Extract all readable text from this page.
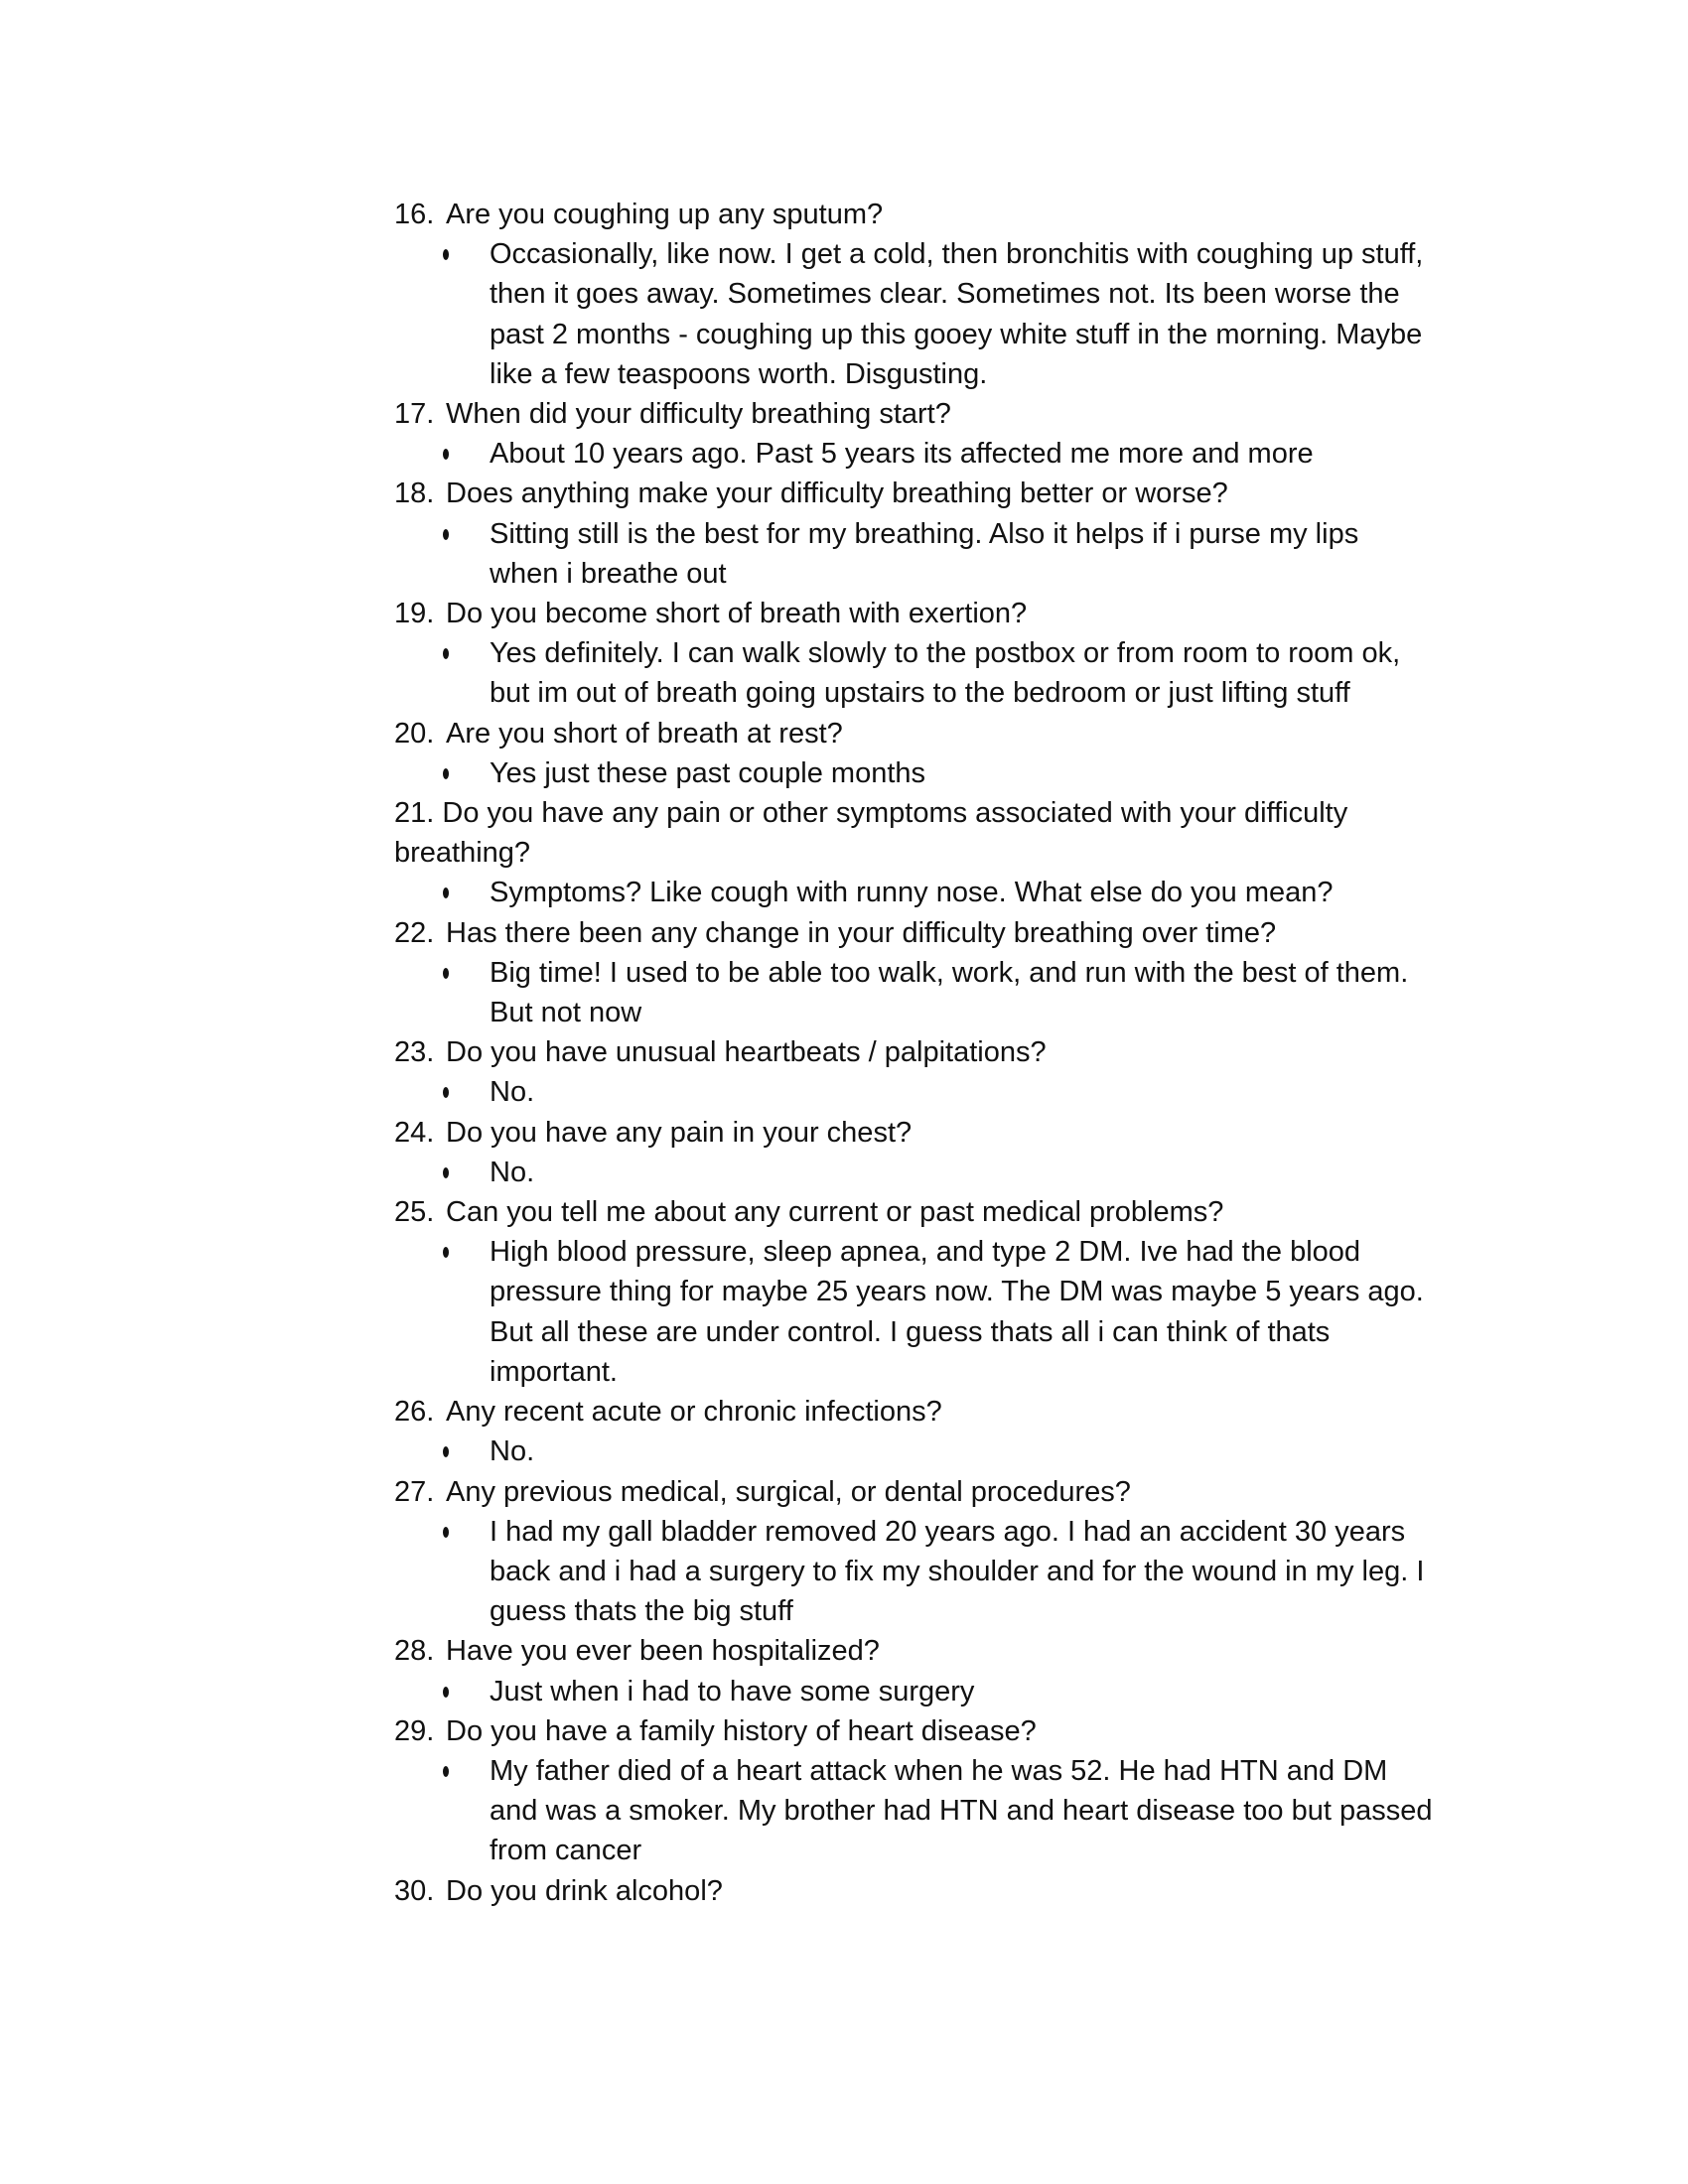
16. Are you coughing up any sputum?
Occasionally, like now. I get a cold, then bronchitis with coughing up stuff,
then it goes away. Sometimes clear. Sometimes not. Its been worse the
past 2 months - coughing up this gooey white stuff in the morning. Maybe
like a few teaspoons worth. Disgusting.
17. When did your difficulty breathing start?
About 10 years ago. Past 5 years its affected me more and more
18. Does anything make your difficulty breathing better or worse?
Sitting still is the best for my breathing. Also it helps if i purse my lips
when i breathe out
19. Do you become short of breath with exertion?
Yes definitely. I can walk slowly to the postbox or from room to room ok,
but im out of breath going upstairs to the bedroom or just lifting stuff
20. Are you short of breath at rest?
Yes just these past couple months
21. Do you have any pain or other symptoms associated with your difficulty
breathing?
Symptoms? Like cough with runny nose. What else do you mean?
22. Has there been any change in your difficulty breathing over time?
Big time! I used to be able too walk, work, and run with the best of them.
But not now
23. Do you have unusual heartbeats / palpitations?
No.
24. Do you have any pain in your chest?
No.
25. Can you tell me about any current or past medical problems?
High blood pressure, sleep apnea, and type 2 DM. Ive had the blood
pressure thing for maybe 25 years now. The DM was maybe 5 years ago.
But all these are under control. I guess thats all i can think of thats
important.
26. Any recent acute or chronic infections?
No.
27. Any previous medical, surgical, or dental procedures?
I had my gall bladder removed 20 years ago. I had an accident 30 years
back and i had a surgery to fix my shoulder and for the wound in my leg. I
guess thats the big stuff
28. Have you ever been hospitalized?
Just when i had to have some surgery
29. Do you have a family history of heart disease?
My father died of a heart attack when he was 52. He had HTN and DM
and was a smoker. My brother had HTN and heart disease too but passed
from cancer
30. Do you drink alcohol?
